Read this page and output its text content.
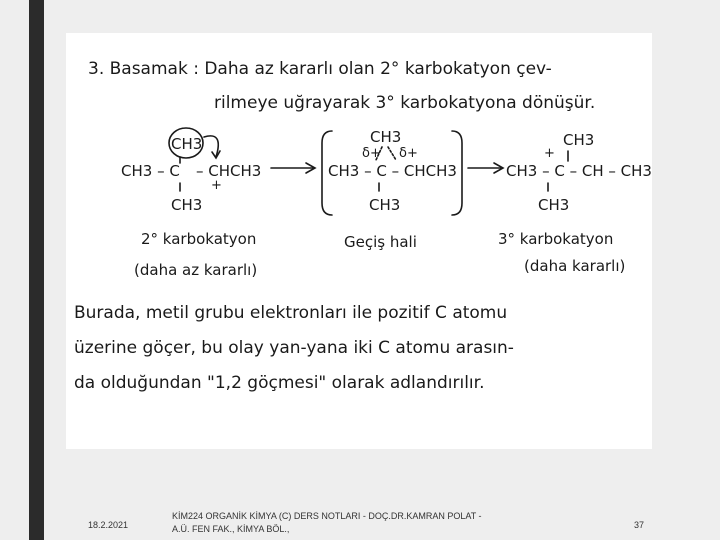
3. Basamak : Daha az kararlı olan 2° karbokatyon çev-
rilmeye uğrayarak 3° karbokatyona dönüşür.
CH3
CH3 – C – CHCH3
+
CH3
2° karbokatyon
(daha az kararlı)
CH3
δ+ δ+
CH3 – C – CHCH3
CH3
Geçiş hali
CH3
+
CH3 – C – CH – CH3
CH3
3° karbokatyon
(daha kararlı)
Burada, metil grubu elektronları ile pozitif C atomu
üzerine göçer, bu olay yan-yana iki C atomu arasın-
da olduğundan "1,2 göçmesi" olarak adlandırılır.
18.2.2021
KİM224 ORGANİK KİMYA (C) DERS NOTLARI - DOÇ.DR.KAMRAN POLAT -
A.Ü. FEN FAK., KİMYA BÖL.,	37
